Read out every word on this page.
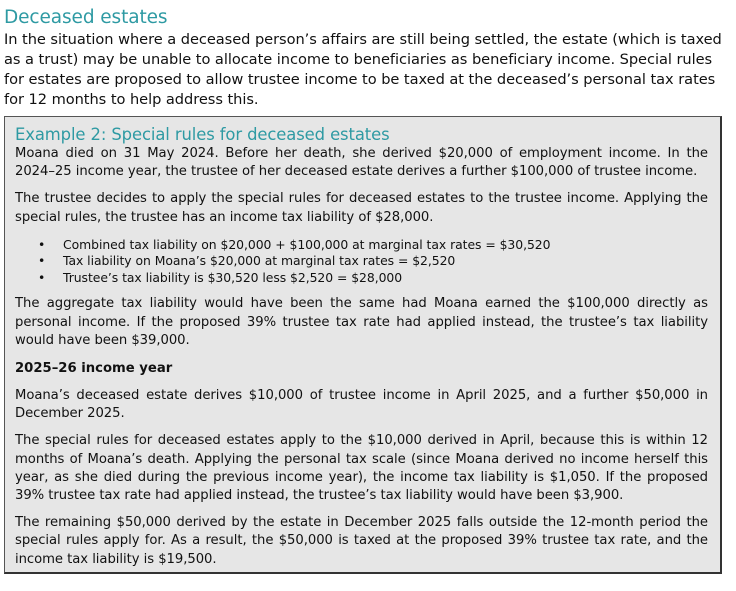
Deceased estates

In the situation where a deceased person’s affairs are still being settled, the estate (which is taxed as a trust) may be unable to allocate income to beneficiaries as beneficiary income. Special rules for estates are proposed to allow trustee income to be taxed at the deceased’s personal tax rates for 12 months to help address this.

Example 2: Special rules for deceased estates

Moana died on 31 May 2024. Before her death, she derived $20,000 of employment income. In the 2024–25 income year, the trustee of her deceased estate derives a further $100,000 of trustee income.

The trustee decides to apply the special rules for deceased estates to the trustee income. Applying the special rules, the trustee has an income tax liability of $28,000.

• Combined tax liability on $20,000 + $100,000 at marginal tax rates = $30,520
• Tax liability on Moana’s $20,000 at marginal tax rates = $2,520
• Trustee’s tax liability is $30,520 less $2,520 = $28,000

The aggregate tax liability would have been the same had Moana earned the $100,000 directly as personal income. If the proposed 39% trustee tax rate had applied instead, the trustee’s tax liability would have been $39,000.

2025–26 income year

Moana’s deceased estate derives $10,000 of trustee income in April 2025, and a further $50,000 in December 2025.

The special rules for deceased estates apply to the $10,000 derived in April, because this is within 12 months of Moana’s death. Applying the personal tax scale (since Moana derived no income herself this year, as she died during the previous income year), the income tax liability is $1,050. If the proposed 39% trustee tax rate had applied instead, the trustee’s tax liability would have been $3,900.

The remaining $50,000 derived by the estate in December 2025 falls outside the 12-month period the special rules apply for. As a result, the $50,000 is taxed at the proposed 39% trustee tax rate, and the income tax liability is $19,500.
